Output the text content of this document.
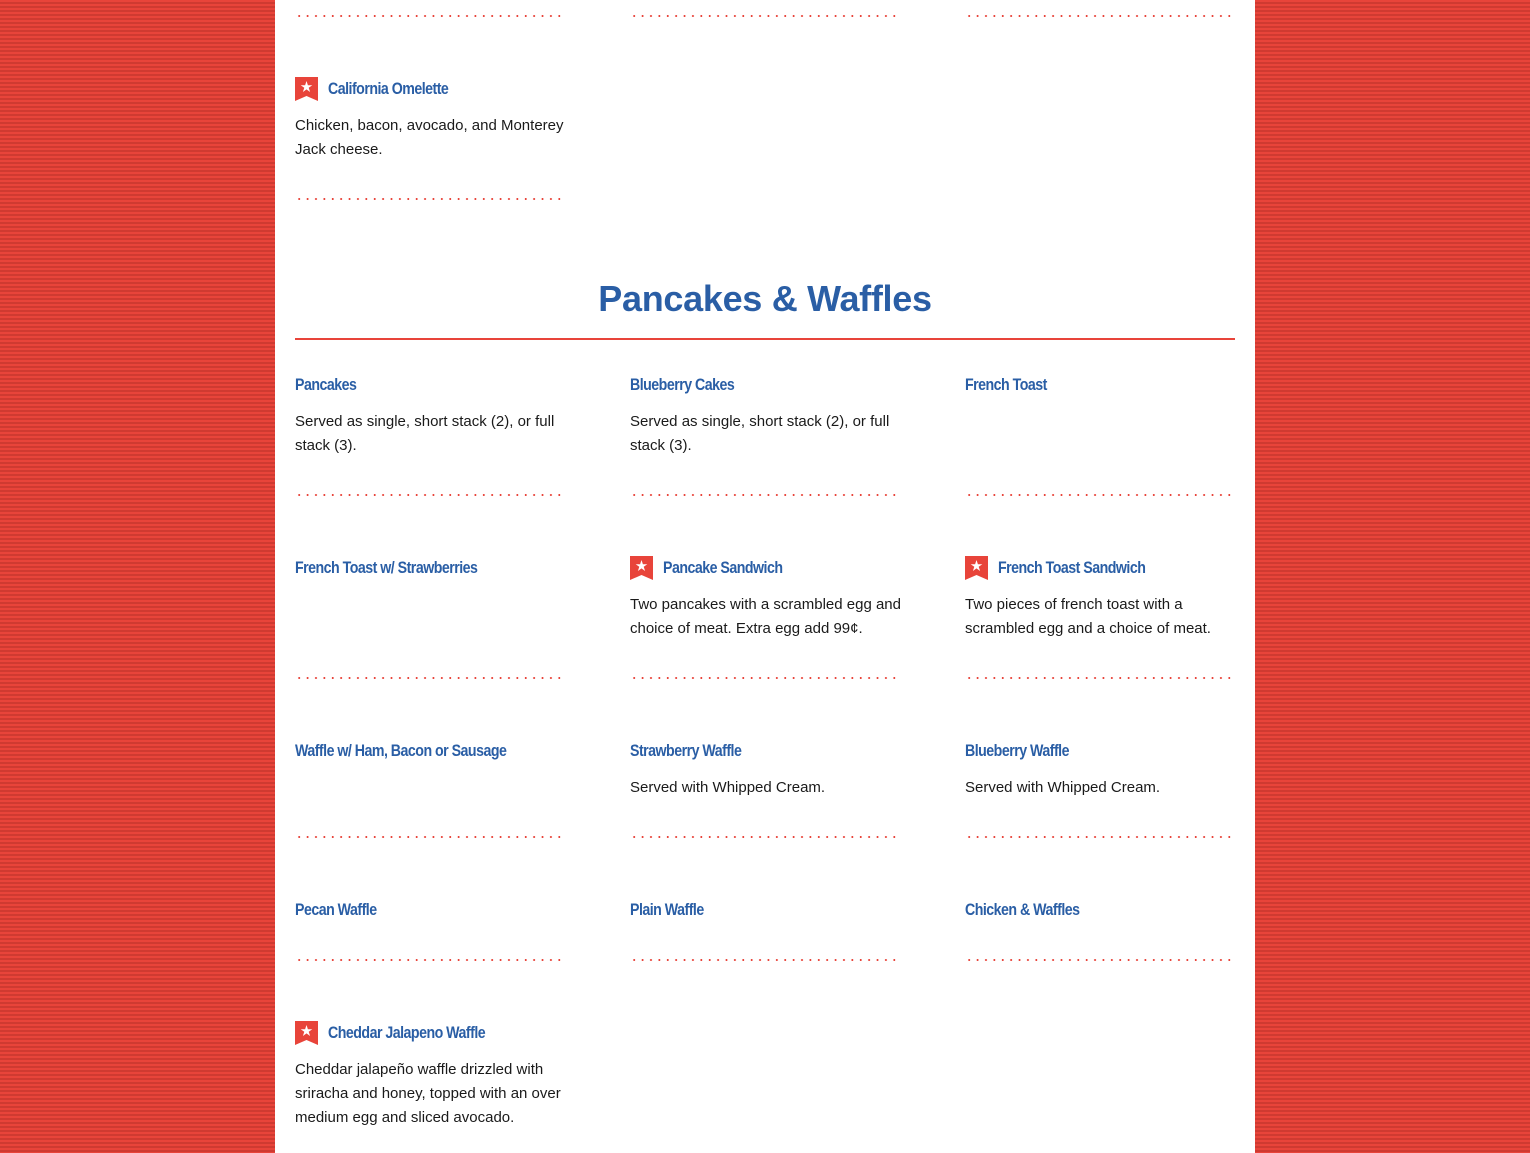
California Omelette
Chicken, bacon, avocado, and Monterey Jack cheese.
Pancakes & Waffles
Pancakes
Served as single, short stack (2), or full stack (3).
Blueberry Cakes
Served as single, short stack (2), or full stack (3).
French Toast
French Toast w/ Strawberries	Pancake Sandwich
Two pancakes with a scrambled egg and choice of meat. Extra egg add 99¢.
French Toast Sandwich
Two pieces of french toast with a scrambled egg and a choice of meat.
Waffle w/ Ham, Bacon or Sausage	Strawberry Waffle
Served with Whipped Cream.
Blueberry Waffle
Served with Whipped Cream.
Pecan Waffle	Plain Waffle	Chicken & Waffles
Cheddar Jalapeno Waffle
Cheddar jalapeño waffle drizzled with sriracha and honey, topped with an over medium egg and sliced avocado.
